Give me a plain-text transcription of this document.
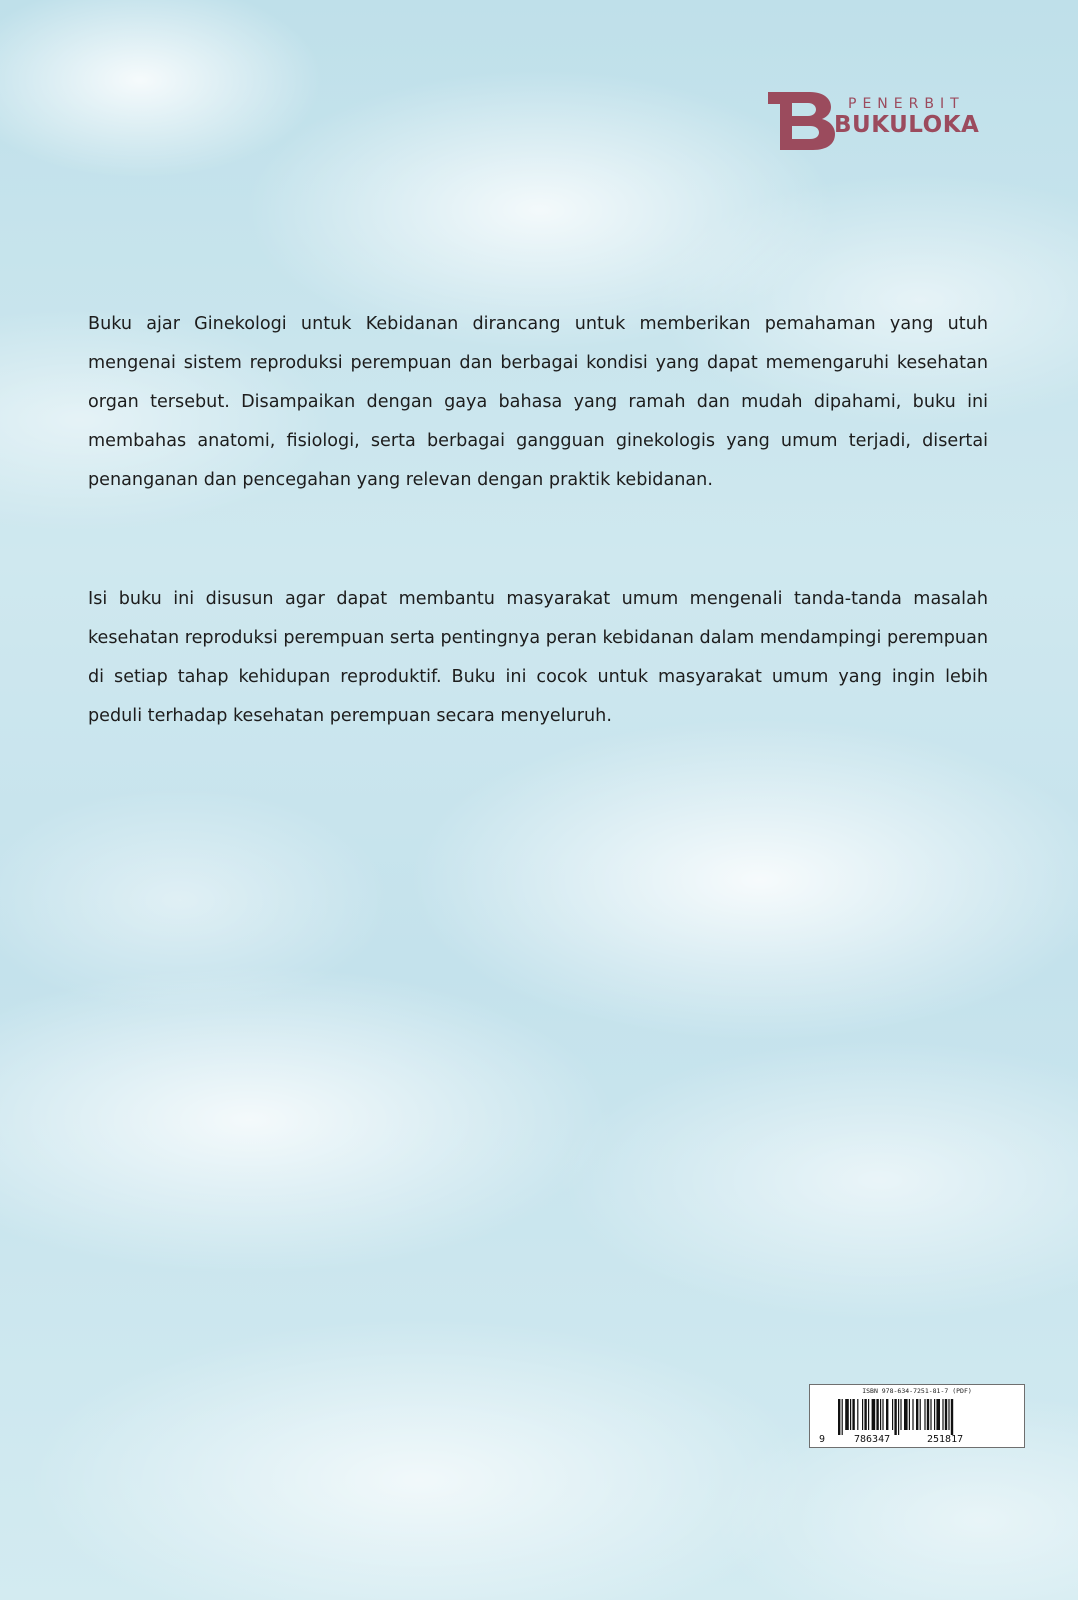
PENERBIT
BUKULOKA

Buku ajar Ginekologi untuk Kebidanan dirancang untuk memberikan pemahaman yang utuh mengenai sistem reproduksi perempuan dan berbagai kondisi yang dapat memengaruhi kesehatan organ tersebut. Disampaikan dengan gaya bahasa yang ramah dan mudah dipahami, buku ini membahas anatomi, fisiologi, serta berbagai gangguan ginekologis yang umum terjadi, disertai penanganan dan pencegahan yang relevan dengan praktik kebidanan.

Isi buku ini disusun agar dapat membantu masyarakat umum mengenali tanda-tanda masalah kesehatan reproduksi perempuan serta pentingnya peran kebidanan dalam mendampingi perempuan di setiap tahap kehidupan reproduktif. Buku ini cocok untuk masyarakat umum yang ingin lebih peduli terhadap kesehatan perempuan secara menyeluruh.

ISBN 978-634-7251-81-7 (PDF)
9	786347	251817
